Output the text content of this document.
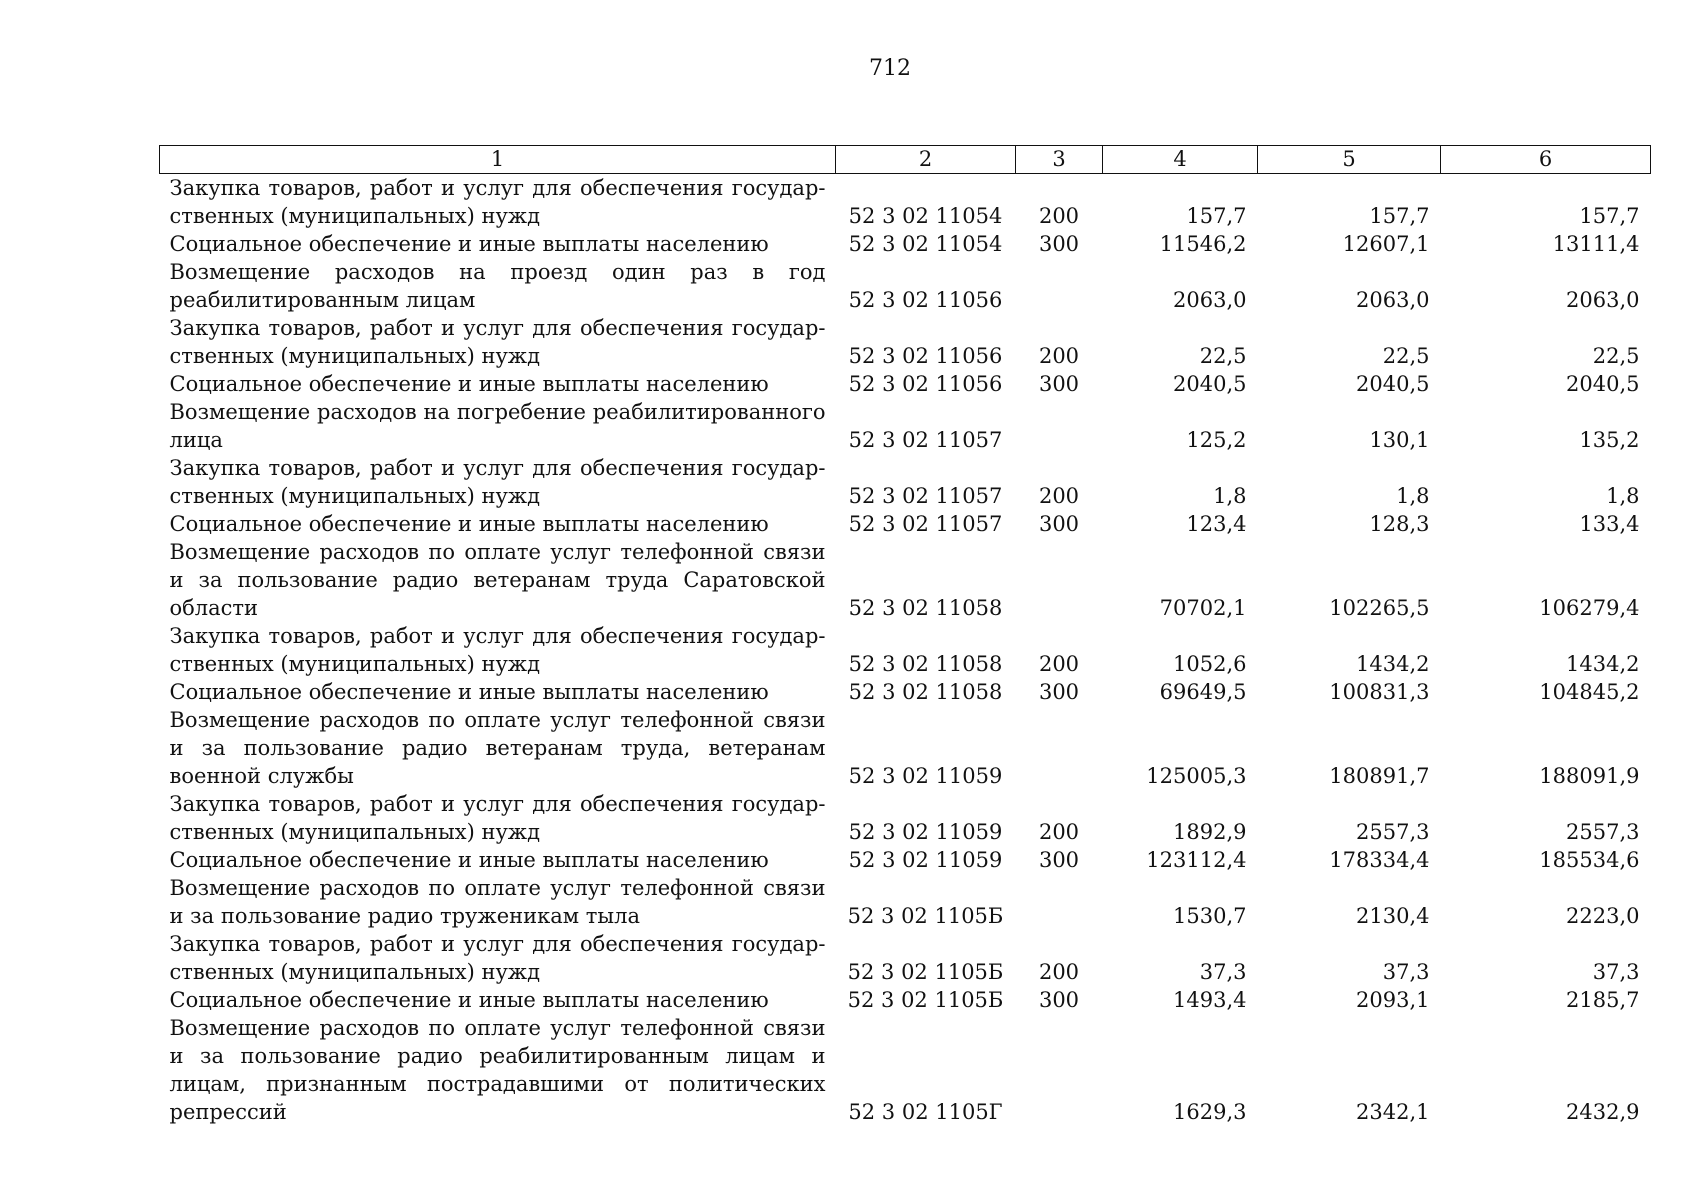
712
1	2	3	4	5	6
Закупка товаров, работ и услуг для обеспечения государственных (муниципальных) нужд	52 3 02 11054	200	157,7	157,7	157,7
Социальное обеспечение и иные выплаты населению	52 3 02 11054	300	11546,2	12607,1	13111,4
Возмещение расходов на проезд один раз в год реабилитированным лицам	52 3 02 11056		2063,0	2063,0	2063,0
Закупка товаров, работ и услуг для обеспечения государственных (муниципальных) нужд	52 3 02 11056	200	22,5	22,5	22,5
Социальное обеспечение и иные выплаты населению	52 3 02 11056	300	2040,5	2040,5	2040,5
Возмещение расходов на погребение реабилитированного лица	52 3 02 11057		125,2	130,1	135,2
Закупка товаров, работ и услуг для обеспечения государственных (муниципальных) нужд	52 3 02 11057	200	1,8	1,8	1,8
Социальное обеспечение и иные выплаты населению	52 3 02 11057	300	123,4	128,3	133,4
Возмещение расходов по оплате услуг телефонной связи и за пользование радио ветеранам труда Саратовской области	52 3 02 11058		70702,1	102265,5	106279,4
Закупка товаров, работ и услуг для обеспечения государственных (муниципальных) нужд	52 3 02 11058	200	1052,6	1434,2	1434,2
Социальное обеспечение и иные выплаты населению	52 3 02 11058	300	69649,5	100831,3	104845,2
Возмещение расходов по оплате услуг телефонной связи и за пользование радио ветеранам труда, ветеранам военной службы	52 3 02 11059		125005,3	180891,7	188091,9
Закупка товаров, работ и услуг для обеспечения государственных (муниципальных) нужд	52 3 02 11059	200	1892,9	2557,3	2557,3
Социальное обеспечение и иные выплаты населению	52 3 02 11059	300	123112,4	178334,4	185534,6
Возмещение расходов по оплате услуг телефонной связи и за пользование радио труженикам тыла	52 3 02 1105Б		1530,7	2130,4	2223,0
Закупка товаров, работ и услуг для обеспечения государственных (муниципальных) нужд	52 3 02 1105Б	200	37,3	37,3	37,3
Социальное обеспечение и иные выплаты населению	52 3 02 1105Б	300	1493,4	2093,1	2185,7
Возмещение расходов по оплате услуг телефонной связи и за пользование радио реабилитированным лицам и лицам, признанным пострадавшими от политических репрессий	52 3 02 1105Г		1629,3	2342,1	2432,9
